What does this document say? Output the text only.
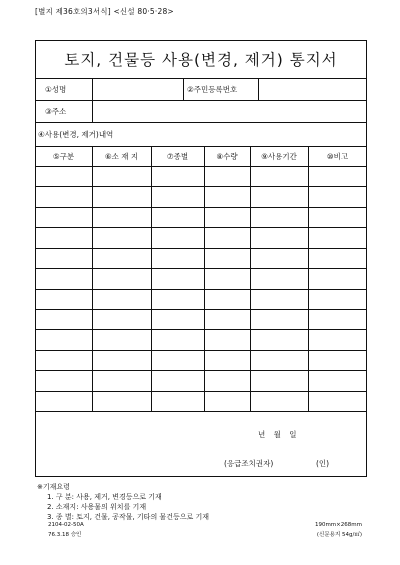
[별지 제36호의3서식] <신설 80·5·28>
토지, 건물등 사용(변경, 제거) 통지서
①성명	②주민등록번호
③주소
④사용(변경, 제거)내역
⑤구분	⑥소 재 지	⑦종별	⑧수량	⑨사용기간	⑩비고
년 월 일
(응급조치권자)	(인)
※기재요령
1. 구 분: 사용, 제거, 변경등으로 기재
2. 소재지: 사용물의 위치를 기재
3. 종 별: 토지, 건물, 공작물, 기타의 물건등으로 기재
2104-02-50A
76.3.18 승인
190mm×268mm
(신문용지 54g/㎡)
